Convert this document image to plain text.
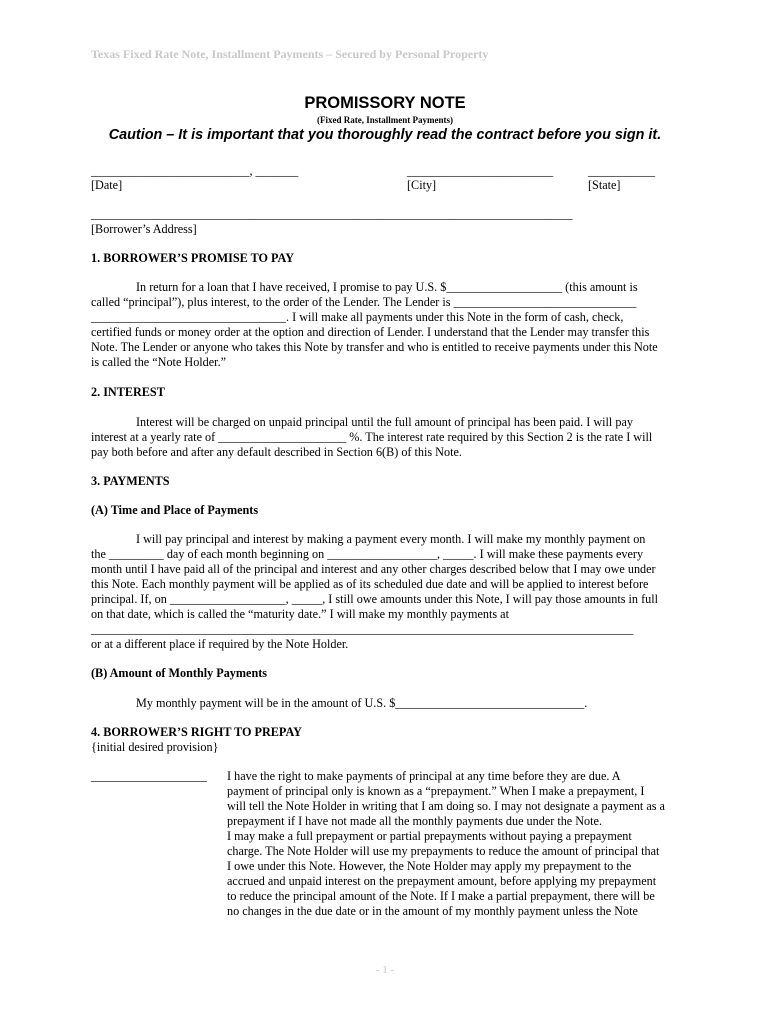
Texas Fixed Rate Note, Installment Payments – Secured by Personal Property
PROMISSORY NOTE
(Fixed Rate, Installment Payments)
Caution – It is important that you thoroughly read the contract before you sign it.
__________________________, _______	________________________	___________
[Date]	[City]	[State]
_______________________________________________________________________________
[Borrower’s Address]
1. BORROWER’S PROMISE TO PAY
In return for a loan that I have received, I promise to pay U.S. $___________________ (this amount is
called “principal”), plus interest, to the order of the Lender. The Lender is ______________________________
________________________________. I will make all payments under this Note in the form of cash, check,
certified funds or money order at the option and direction of Lender. I understand that the Lender may transfer this
Note. The Lender or anyone who takes this Note by transfer and who is entitled to receive payments under this Note
is called the “Note Holder.”
2. INTEREST
Interest will be charged on unpaid principal until the full amount of principal has been paid. I will pay
interest at a yearly rate of _____________________ %. The interest rate required by this Section 2 is the rate I will
pay both before and after any default described in Section 6(B) of this Note.
3. PAYMENTS
(A) Time and Place of Payments
I will pay principal and interest by making a payment every month. I will make my monthly payment on
the _________ day of each month beginning on __________________, _____. I will make these payments every
month until I have paid all of the principal and interest and any other charges described below that I may owe under
this Note. Each monthly payment will be applied as of its scheduled due date and will be applied to interest before
principal. If, on ___________________, _____, I still owe amounts under this Note, I will pay those amounts in full
on that date, which is called the “maturity date.” I will make my monthly payments at
_________________________________________________________________________________________
or at a different place if required by the Note Holder.
(B) Amount of Monthly Payments
My monthly payment will be in the amount of U.S. $_______________________________.
4. BORROWER’S RIGHT TO PREPAY
{initial desired provision}
___________________ I have the right to make payments of principal at any time before they are due. A
payment of principal only is known as a “prepayment.” When I make a prepayment, I
will tell the Note Holder in writing that I am doing so. I may not designate a payment as a
prepayment if I have not made all the monthly payments due under the Note.
I may make a full prepayment or partial prepayments without paying a prepayment
charge. The Note Holder will use my prepayments to reduce the amount of principal that
I owe under this Note. However, the Note Holder may apply my prepayment to the
accrued and unpaid interest on the prepayment amount, before applying my prepayment
to reduce the principal amount of the Note. If I make a partial prepayment, there will be
no changes in the due date or in the amount of my monthly payment unless the Note
- 1 -
